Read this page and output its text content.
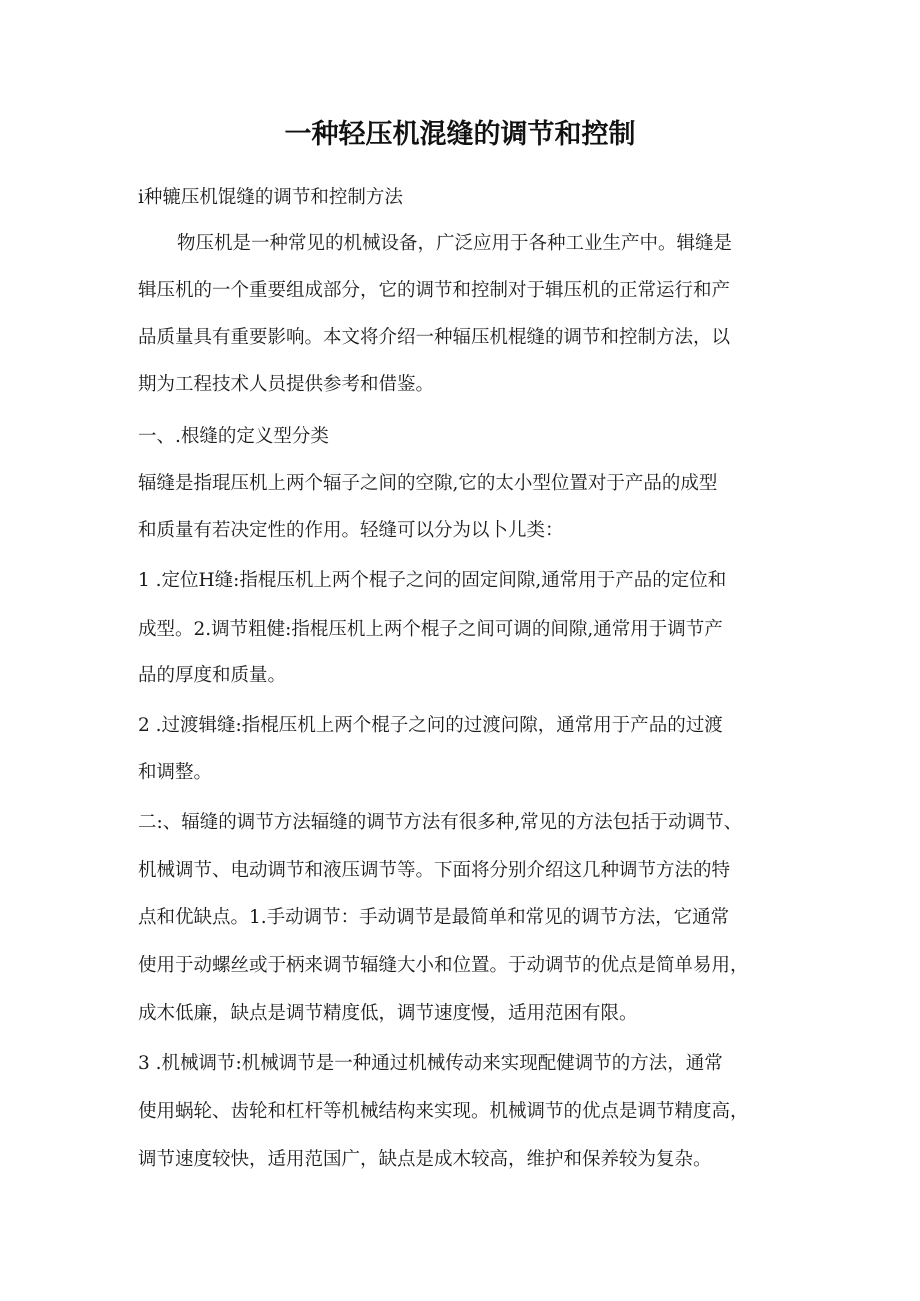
一种轻压机混缝的调节和控制
i种辘压机馄缝的调节和控制方法
物压机是一种常见的机械设备，广泛应用于各种工业生产中。辑缝是
辑压机的一个重要组成部分，它的调节和控制对于辑压机的正常运行和产
品质量具有重要影响。本文将介绍一种辐压机棍缝的调节和控制方法，以
期为工程技术人员提供参考和借鉴。
一、.根缝的定义型分类
辐缝是指琨压机上两个辐子之间的空隙,它的太小型位置对于产品的成型
和质量有若决定性的作用。轻缝可以分为以卜儿类：
1 .定位H缝:指棍压机上两个棍子之问的固定间隙,通常用于产品的定位和
成型。2.调节粗健:指棍压机上两个棍子之间可调的间隙,通常用于调节产
品的厚度和质量。
2 .过渡辑缝:指棍压机上两个棍子之问的过渡问隙，通常用于产品的过渡
和调整。
二:、辐缝的调节方法辐缝的调节方法有很多种,常见的方法包括于动调节、
机械调节、电动调节和液压调节等。下面将分别介绍这几种调节方法的特
点和优缺点。1.手动调节：手动调节是最简单和常见的调节方法，它通常
使用于动螺丝或于柄来调节辐缝大小和位置。于动调节的优点是简单易用，
成木低廉，缺点是调节精度低，调节速度慢，适用范困有限。
3 .机械调节:机械调节是一种通过机械传动来实现配健调节的方法，通常
使用蜗轮、齿轮和杠杆等机械结构来实现。机械调节的优点是调节精度高，
调节速度较快，适用范国广，缺点是成木较高，维护和保养较为复杂。
